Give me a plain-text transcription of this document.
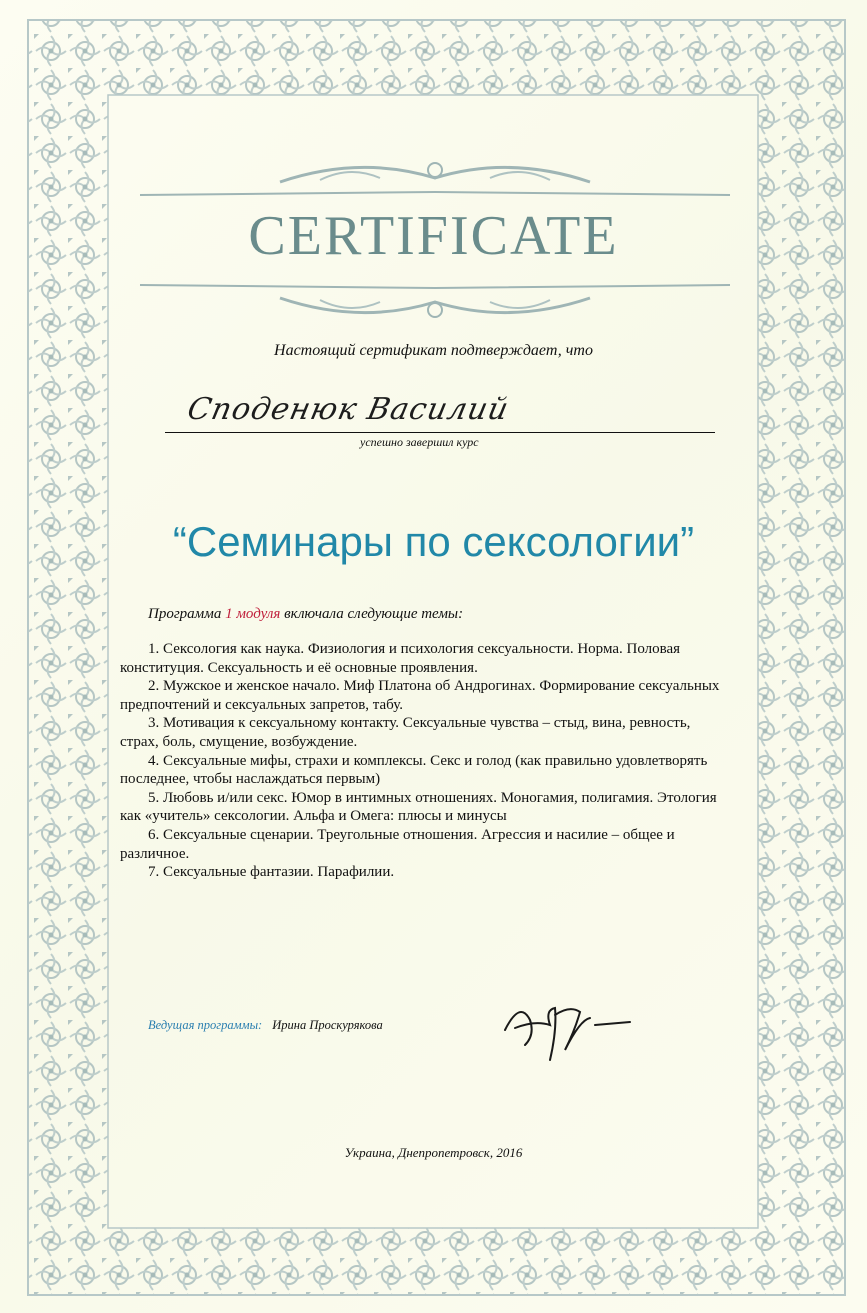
CERTIFICATE
Настоящий сертификат подтверждает, что
Споденюк Василий
успешно завершил курс
“Семинары по сексологии”
Программа 1 модуля включала следующие темы:

1. Сексология как наука. Физиология и психология сексуальности. Норма. Половая конституция. Сексуальность и её основные проявления.

2. Мужское и женское начало. Миф Платона об Андрогинах. Формирование сексуальных предпочтений и сексуальных запретов, табу.

3. Мотивация к сексуальному контакту. Сексуальные чувства – стыд, вина, ревность, страх, боль, смущение, возбуждение.

4. Сексуальные мифы, страхи и комплексы. Секс и голод (как правильно удовлетворять последнее, чтобы наслаждаться первым)

5. Любовь и/или секс. Юмор в интимных отношениях. Моногамия, полигамия. Этология как «учитель» сексологии. Альфа и Омега: плюсы и минусы

6. Сексуальные сценарии. Треугольные отношения. Агрессия и насилие – общее и различное.

7. Сексуальные фантазии. Парафилии.

Ведущая программы: Ирина Проскурякова
Украина, Днепропетровск, 2016
